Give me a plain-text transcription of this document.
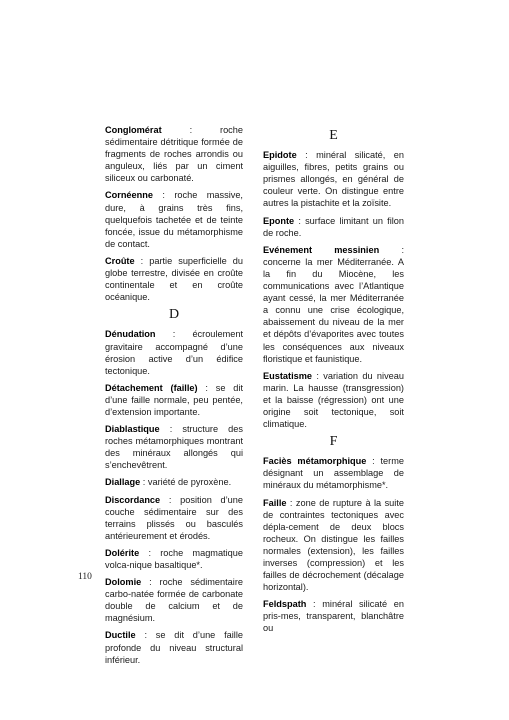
Conglomérat : roche sédimentaire détritique formée de fragments de roches arrondis ou anguleux, liés par un ciment siliceux ou carbonaté.

Cornéenne : roche massive, dure, à grains très fins, quelquefois tachetée et de teinte foncée, issue du métamorphisme de contact.

Croûte : partie superficielle du globe terrestre, divisée en croûte continentale et en croûte océanique.

D

Dénudation : écroulement gravitaire accompagné d’une érosion active d’un édifice tectonique.

Détachement (faille) : se dit d’une faille normale, peu pentée, d’extension importante.

Diablastique : structure des roches métamorphiques montrant des minéraux allongés qui s’enchevêtrent.

Diallage : variété de pyroxène.

Discordance : position d’une couche sédimentaire sur des terrains plissés ou basculés antérieurement et érodés.

Dolérite : roche magmatique volca-nique basaltique*.

Dolomie : roche sédimentaire carbo-natée formée de carbonate double de calcium et de magnésium.

Ductile : se dit d’une faille profonde du niveau structural inférieur.

E

Epidote : minéral silicaté, en aiguilles, fibres, petits grains ou prismes allongés, en général de couleur verte. On distingue entre autres la pistachite et la zoïsite.

Eponte : surface limitant un filon de roche.

Evénement messinien : concerne la mer Méditerranée. A la fin du Miocène, les communications avec l’Atlantique ayant cessé, la mer Méditerranée a connu une crise écologique, abaissement du niveau de la mer et dépôts d’évaporites avec toutes les conséquences aux niveaux floristique et faunistique.

Eustatisme : variation du niveau marin. La hausse (transgression) et la baisse (régression) ont une origine soit tectonique, soit climatique.

F

Faciès métamorphique : terme désignant un assemblage de minéraux du métamorphisme*.

Faille : zone de rupture à la suite de contraintes tectoniques avec dépla-cement de deux blocs rocheux. On distingue les failles normales (extension), les failles inverses (compression) et les failles de décrochement (décalage horizontal).

Feldspath : minéral silicaté en pris-mes, transparent, blanchâtre ou

110
